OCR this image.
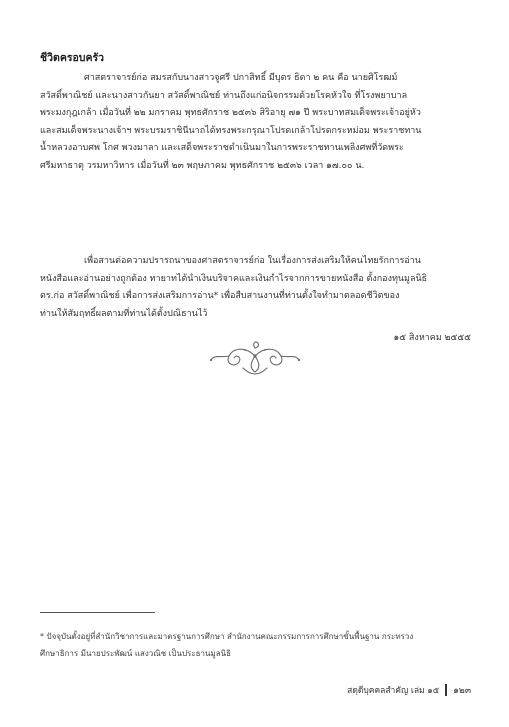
ชีวิตครอบครัว
ศาสตราจารย์ก่อ สมรสกับนางสาวจูศรี ปกาสิทธิ์ มีบุตร ธิดา ๒ คน คือ นายศิโรฒม์
สวัสดิ์พาณิชย์ และนางสาวกันยา สวัสดิ์พาณิชย์ ท่านถึงแก่อนิจกรรมด้วยโรคหัวใจ ที่โรงพยาบาล
พระมงกุฎเกล้า เมื่อวันที่ ๒๒ มกราคม พุทธศักราช ๒๕๓๖ สิริอายุ ๗๑ ปี พระบาทสมเด็จพระเจ้าอยู่หัว
และสมเด็จพระนางเจ้าฯ พระบรมราชินีนาถได้ทรงพระกรุณาโปรดเกล้าโปรดกระหม่อม พระราชทาน
น้ำหลวงอาบศพ โกศ พวงมาลา และเสด็จพระราชดำเนินมาในการพระราชทานเพลิงศพที่วัดพระ
ศรีมหาธาตุ วรมหาวิหาร เมื่อวันที่ ๒๓ พฤษภาคม พุทธศักราช ๒๕๓๖ เวลา ๑๗.๐๐ น.
เพื่อสานต่อความปรารถนาของศาสตราจารย์ก่อ ในเรื่องการส่งเสริมให้คนไทยรักการอ่าน
หนังสือและอ่านอย่างถูกต้อง ทายาทได้นำเงินบริจาคและเงินกำไรจากการขายหนังสือ ตั้งกองทุนมูลนิธิ
ดร.ก่อ สวัสดิ์พาณิชย์ เพื่อการส่งเสริมการอ่าน* เพื่อสืบสานงานที่ท่านตั้งใจทำมาตลอดชีวิตของ
ท่านให้สัมฤทธิ์ผลตามที่ท่านได้ตั้งปณิธานไว้
๑๕ สิงหาคม ๒๕๕๕
* ปัจจุบันตั้งอยู่ที่สำนักวิชาการและมาตรฐานการศึกษา สำนักงานคณะกรรมการการศึกษาขั้นพื้นฐาน กระทรวง
ศึกษาธิการ มีนายประพัฒน์ แสงวณิช เป็นประธานมูลนิธิ
สดุดีบุคคลสำคัญ เล่ม ๑๕ ๑๒๓
